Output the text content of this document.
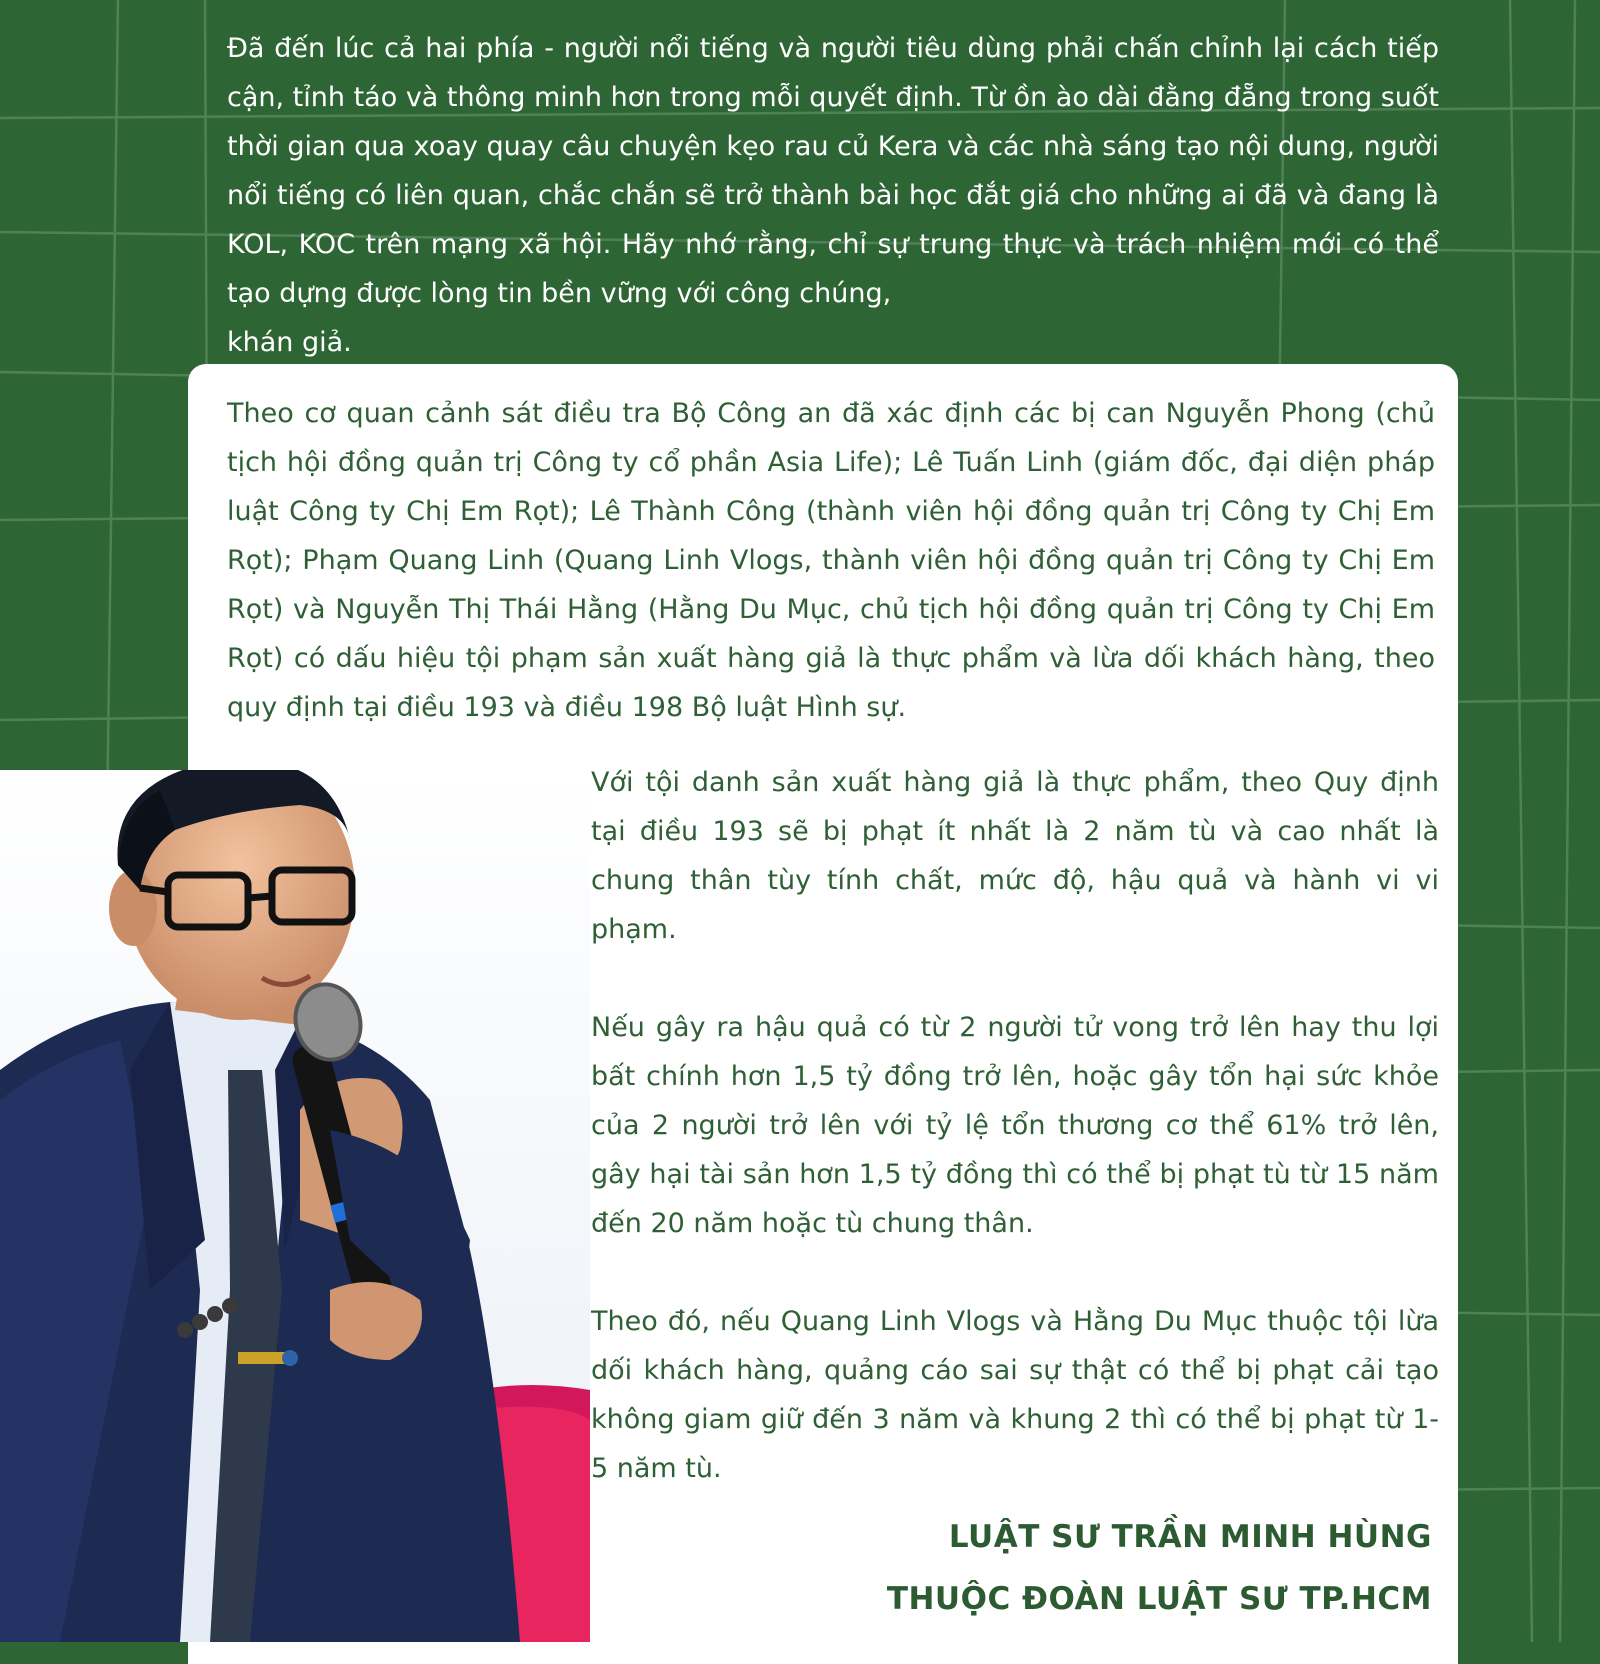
Đã đến lúc cả hai phía - người nổi tiếng và người tiêu dùng phải chấn chỉnh lại cách tiếp cận, tỉnh táo và thông minh hơn trong mỗi quyết định. Từ ồn ào dài đằng đẵng trong suốt thời gian qua xoay quay câu chuyện kẹo rau củ Kera và các nhà sáng tạo nội dung, người nổi tiếng có liên quan, chắc chắn sẽ trở thành bài học đắt giá cho những ai đã và đang là KOL, KOC trên mạng xã hội. Hãy nhớ rằng, chỉ sự trung thực và trách nhiệm mới có thể tạo dựng được lòng tin bền vững với công chúng,
khán giả.

Theo cơ quan cảnh sát điều tra Bộ Công an đã xác định các bị can Nguyễn Phong (chủ tịch hội đồng quản trị Công ty cổ phần Asia Life); Lê Tuấn Linh (giám đốc, đại diện pháp luật Công ty Chị Em Rọt); Lê Thành Công (thành viên hội đồng quản trị Công ty Chị Em Rọt); Phạm Quang Linh (Quang Linh Vlogs, thành viên hội đồng quản trị Công ty Chị Em Rọt) và Nguyễn Thị Thái Hằng (Hằng Du Mục, chủ tịch hội đồng quản trị Công ty Chị Em Rọt) có dấu hiệu tội phạm sản xuất hàng giả là thực phẩm và lừa dối khách hàng, theo quy định tại điều 193 và điều 198 Bộ luật Hình sự.

Với tội danh sản xuất hàng giả là thực phẩm, theo Quy định tại điều 193 sẽ bị phạt ít nhất là 2 năm tù và cao nhất là chung thân tùy tính chất, mức độ, hậu quả và hành vi vi phạm.

Nếu gây ra hậu quả có từ 2 người tử vong trở lên hay thu lợi bất chính hơn 1,5 tỷ đồng trở lên, hoặc gây tổn hại sức khỏe của 2 người trở lên với tỷ lệ tổn thương cơ thể 61% trở lên, gây hại tài sản hơn 1,5 tỷ đồng thì có thể bị phạt tù từ 15 năm đến 20 năm hoặc tù chung thân.

Theo đó, nếu Quang Linh Vlogs và Hằng Du Mục thuộc tội lừa dối khách hàng, quảng cáo sai sự thật có thể bị phạt cải tạo không giam giữ đến 3 năm và khung 2 thì có thể bị phạt từ 1- 5 năm tù.

LUẬT SƯ TRẦN MINH HÙNG
THUỘC ĐOÀN LUẬT SƯ TP.HCM
